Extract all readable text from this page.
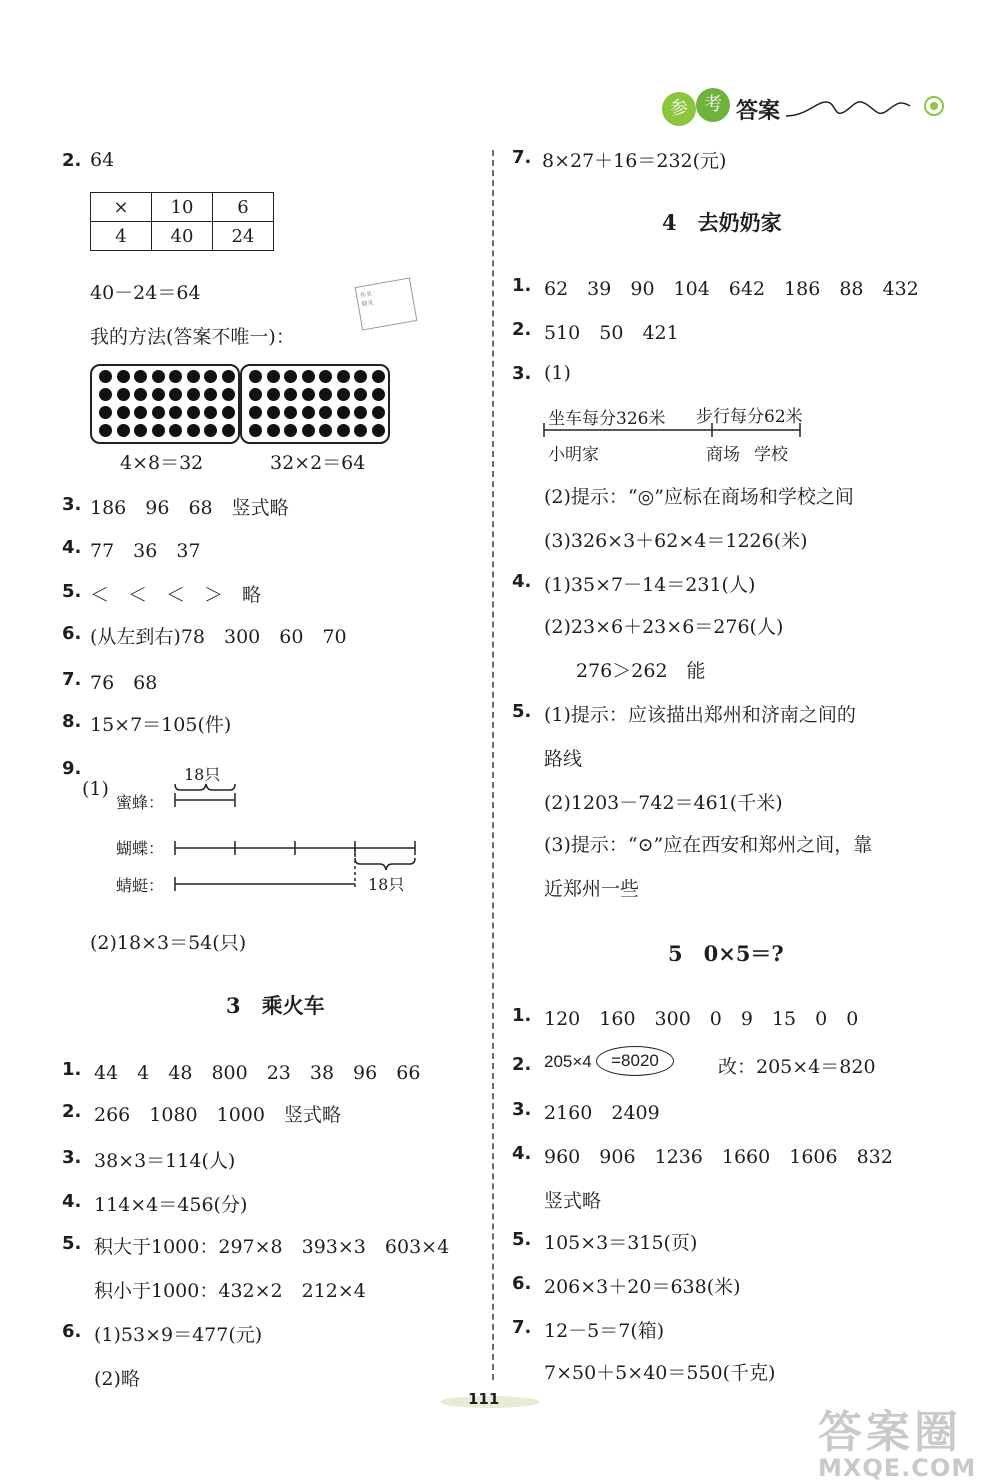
参 考 答案
2. 64
×	10	6
4	40	24
40－24＝64	作业
精灵
我的方法(答案不唯一)：
4×8＝32	32×2＝64
3. 186　96　68　竖式略
4. 77　36　37
5. ＜　＜　＜　＞　略
6. (从左到右)78　300　60　70
7. 76　68
8. 15×7＝105(件)
9.
(1)
18只
蜜蜂：
蝴蝶：
蜻蜓：	18只
(2)18×3＝54(只)
3　乘火车
1. 44　4　48　800　23　38　96　66
2. 266　1080　1000　竖式略
3. 38×3＝114(人)
4. 114×4＝456(分)
5. 积大于1000：297×8　393×3　603×4
积小于1000：432×2　212×4
6. (1)53×9＝477(元)
(2)略
7. 8×27＋16＝232(元)
4　去奶奶家
1. 62　39　90　104　642　186　88　432
2. 510　50　421
3. (1)
坐车每分326米 步行每分62米
小明家	商场 学校
(2)提示：“◎”应标在商场和学校之间
(3)326×3＋62×4＝1226(米)
4. (1)35×7－14＝231(人)
(2)23×6＋23×6＝276(人)
276＞262　能
5. (1)提示：应该描出郑州和济南之间的
路线
(2)1203－742＝461(千米)
(3)提示：“⊙”应在西安和郑州之间，靠
近郑州一些
5　0×5＝?
1. 120　160　300　0　9　15　0　0
3. 2160　2409
4. 960　906　1236　1660　1606　832
竖式略
5. 105×3＝315(页)
6. 206×3＋20＝638(米)
7. 12－5＝7(箱)
7×50＋5×40＝550(千克)
2. 205×4	=8020	改：205×4＝820
111
答案圈
MXQE.COM
